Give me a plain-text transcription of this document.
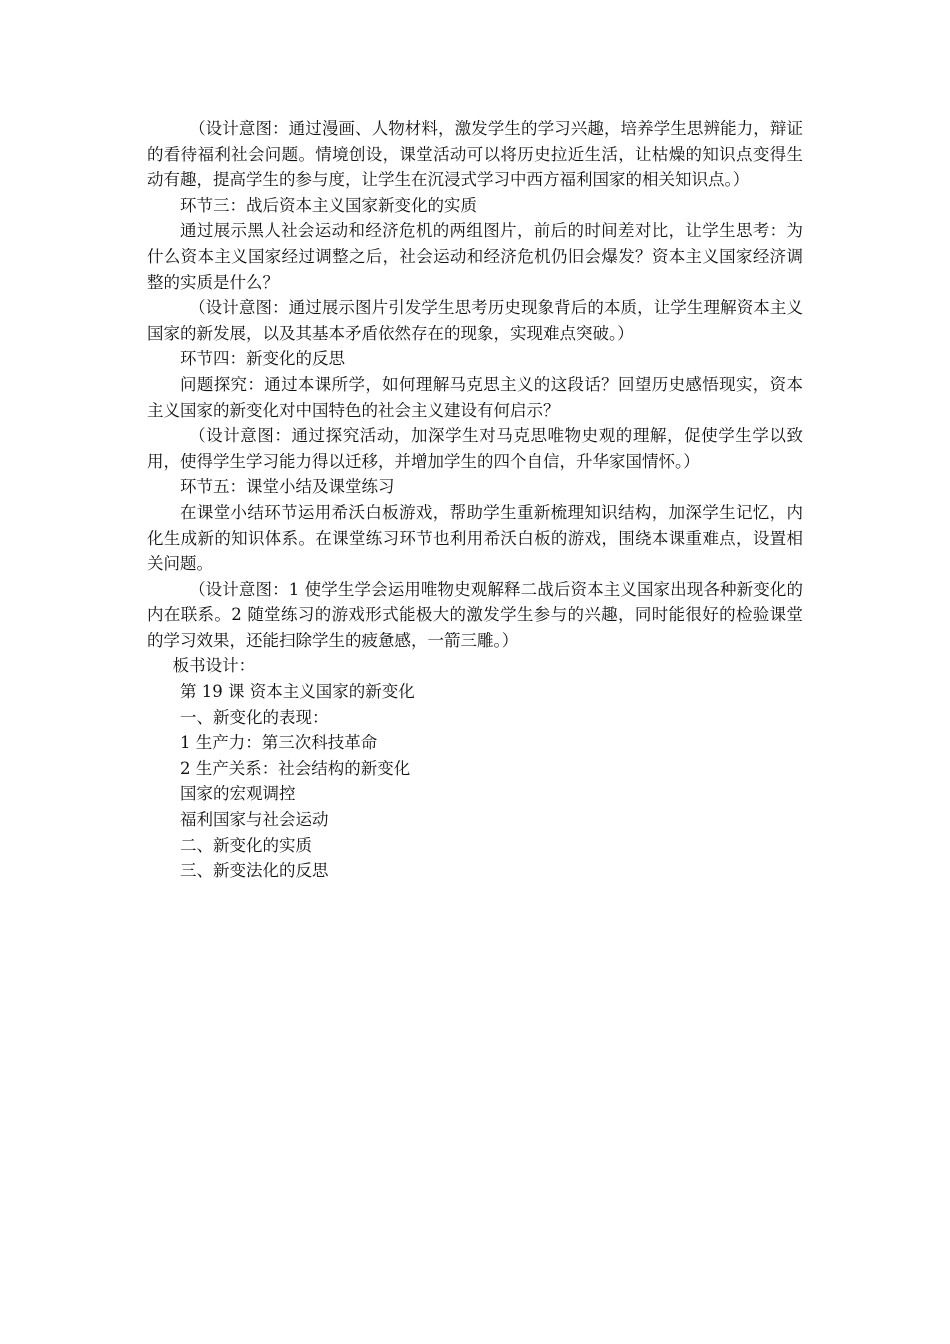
（设计意图：通过漫画、人物材料，激发学生的学习兴趣，培养学生思辨能力，辩证的看待福利社会问题。情境创设，课堂活动可以将历史拉近生活，让枯燥的知识点变得生动有趣，提高学生的参与度，让学生在沉浸式学习中西方福利国家的相关知识点。）

环节三：战后资本主义国家新变化的实质

通过展示黑人社会运动和经济危机的两组图片，前后的时间差对比，让学生思考：为什么资本主义国家经过调整之后，社会运动和经济危机仍旧会爆发？资本主义国家经济调整的实质是什么？

（设计意图：通过展示图片引发学生思考历史现象背后的本质，让学生理解资本主义国家的新发展，以及其基本矛盾依然存在的现象，实现难点突破。）

环节四：新变化的反思

问题探究：通过本课所学，如何理解马克思主义的这段话？回望历史感悟现实，资本主义国家的新变化对中国特色的社会主义建设有何启示？

（设计意图：通过探究活动，加深学生对马克思唯物史观的理解，促使学生学以致用，使得学生学习能力得以迁移，并增加学生的四个自信，升华家国情怀。）

环节五：课堂小结及课堂练习

在课堂小结环节运用希沃白板游戏，帮助学生重新梳理知识结构，加深学生记忆，内化生成新的知识体系。在课堂练习环节也利用希沃白板的游戏，围绕本课重难点，设置相关问题。

（设计意图：1 使学生学会运用唯物史观解释二战后资本主义国家出现各种新变化的内在联系。2 随堂练习的游戏形式能极大的激发学生参与的兴趣，同时能很好的检验课堂的学习效果，还能扫除学生的疲惫感，一箭三雕。）

板书设计：

第 19 课 资本主义国家的新变化

一、新变化的表现：

1 生产力：第三次科技革命

2 生产关系：社会结构的新变化

国家的宏观调控

福利国家与社会运动

二、新变化的实质

三、新变法化的反思
